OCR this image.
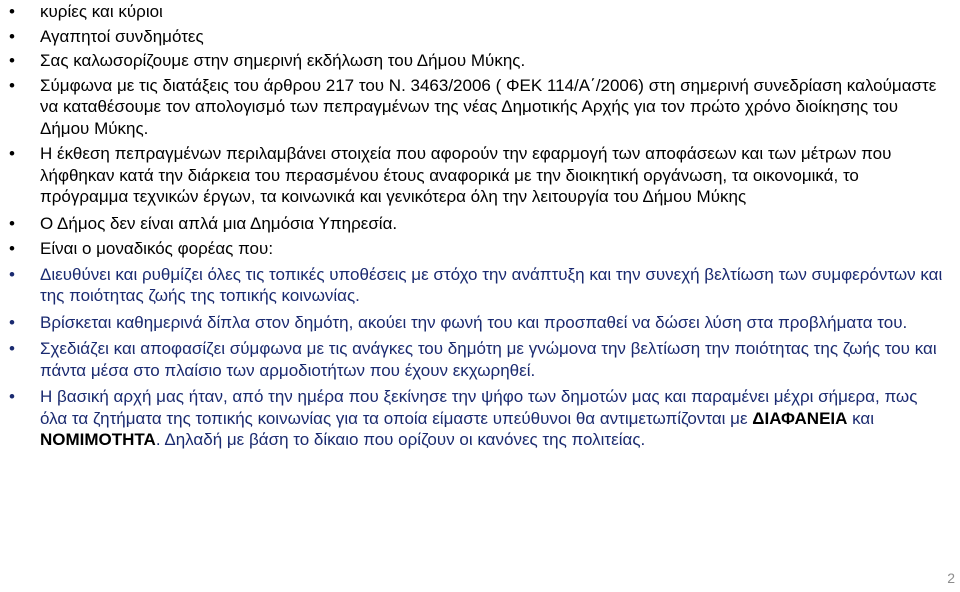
• κυρίες και κύριοι
• Αγαπητοί συνδημότες
• Σας καλωσορίζουμε στην σημερινή εκδήλωση του Δήμου Μύκης.
• Σύμφωνα με τις διατάξεις του άρθρου 217 του Ν. 3463/2006 ( ΦΕΚ 114/Α΄/2006) στη σημερινή συνεδρίαση καλούμαστε να καταθέσουμε τον απολογισμό των πεπραγμένων της νέας Δημοτικής Αρχής για τον πρώτο χρόνο διοίκησης του Δήμου Μύκης.
• Η έκθεση πεπραγμένων περιλαμβάνει στοιχεία που αφορούν την εφαρμογή των αποφάσεων και των μέτρων που λήφθηκαν κατά την διάρκεια του περασμένου έτους αναφορικά με την διοικητική οργάνωση, τα οικονομικά, το πρόγραμμα τεχνικών έργων, τα κοινωνικά και γενικότερα όλη την λειτουργία του Δήμου Μύκης
• Ο Δήμος δεν είναι απλά μια Δημόσια Υπηρεσία.
• Είναι ο μοναδικός φορέας που:
• Διευθύνει και ρυθμίζει όλες τις τοπικές υποθέσεις με στόχο την ανάπτυξη και την συνεχή βελτίωση των συμφερόντων και της ποιότητας ζωής της τοπικής κοινωνίας.
• Βρίσκεται καθημερινά δίπλα στον δημότη, ακούει την φωνή του και προσπαθεί να δώσει λύση στα προβλήματα του.
• Σχεδιάζει και αποφασίζει σύμφωνα με τις ανάγκες του δημότη με γνώμονα την βελτίωση την ποιότητας της ζωής του και πάντα μέσα στο πλαίσιο των αρμοδιοτήτων που έχουν εκχωρηθεί.
• Η βασική αρχή μας ήταν, από την ημέρα που ξεκίνησε την ψήφο των δημοτών μας και παραμένει μέχρι σήμερα, πως όλα τα ζητήματα της τοπικής κοινωνίας για τα οποία είμαστε υπεύθυνοι θα αντιμετωπίζονται με ΔΙΑΦΑΝΕΙΑ και ΝΟΜΙΜΟΤΗΤΑ. Δηλαδή με βάση το δίκαιο που ορίζουν οι κανόνες της πολιτείας.
2
